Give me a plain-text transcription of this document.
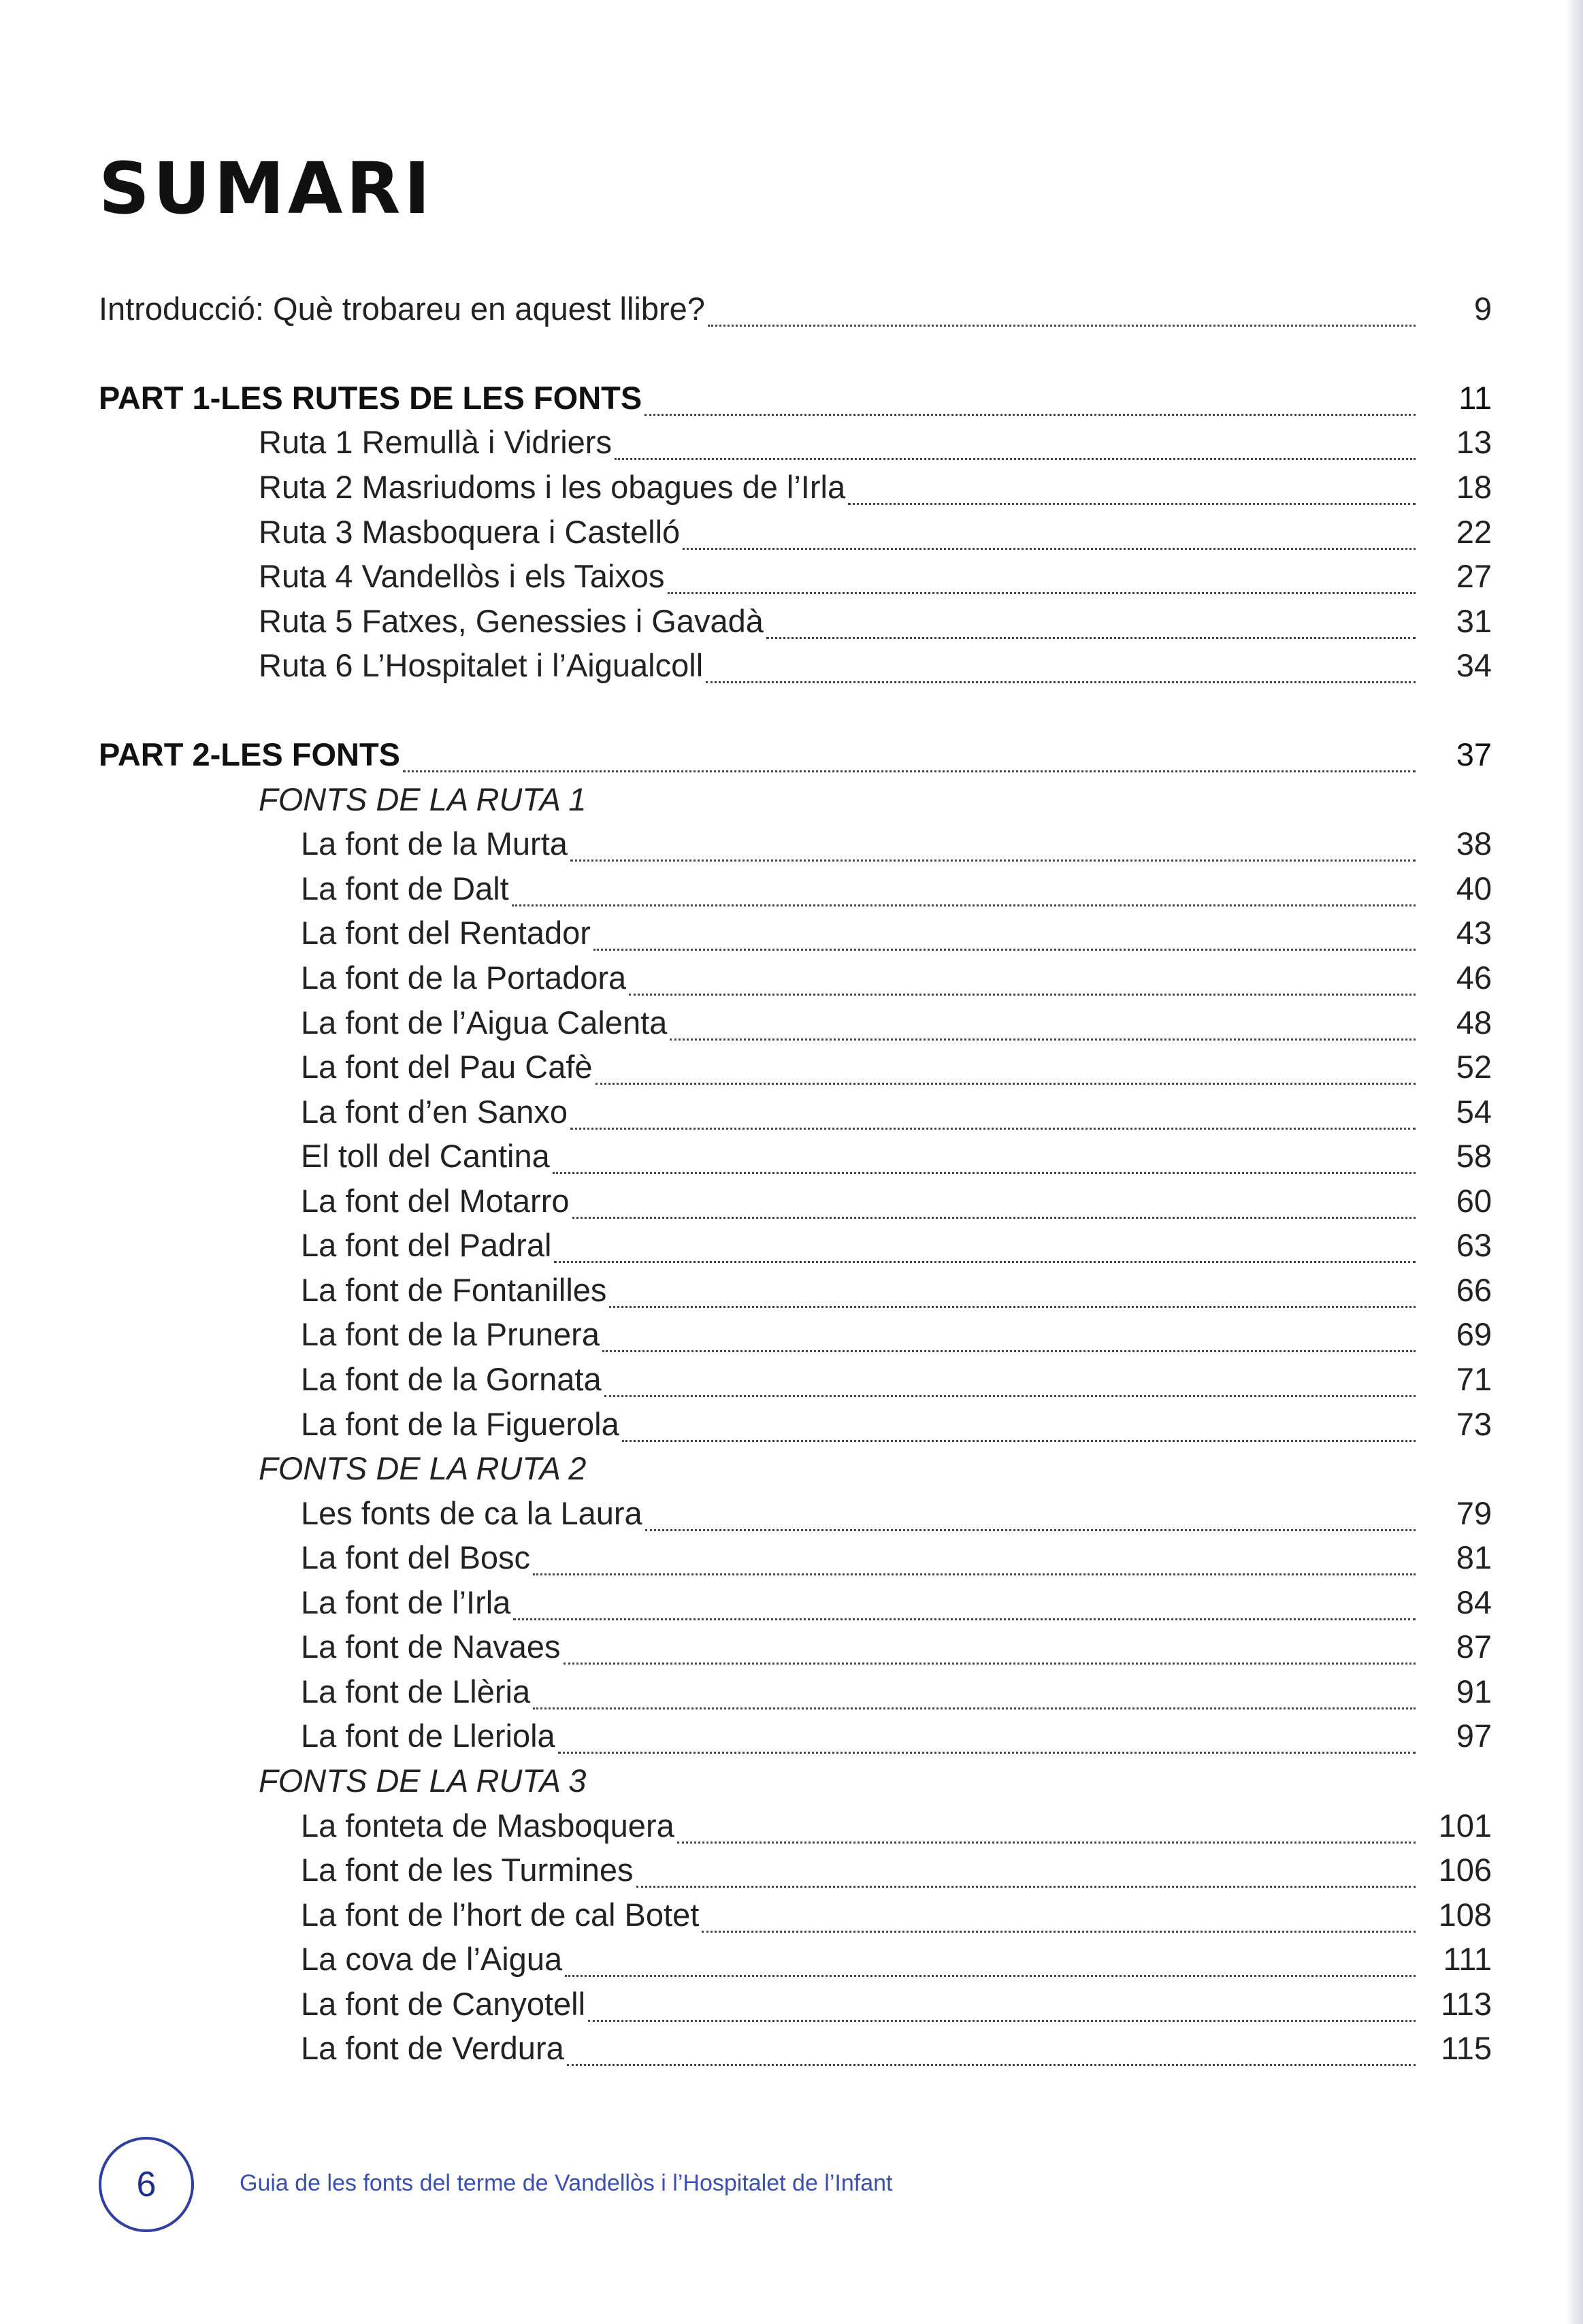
SUMARI
Introducció: Què trobareu en aquest llibre?	9
PART 1-LES RUTES DE LES FONTS	11
Ruta 1 Remullà i Vidriers	13
Ruta 2 Masriudoms i les obagues de l’Irla	18
Ruta 3 Masboquera i Castelló	22
Ruta 4 Vandellòs i els Taixos	27
Ruta 5 Fatxes, Genessies i Gavadà	31
Ruta 6 L’Hospitalet i l’Aigualcoll	34
PART 2-LES FONTS	37
FONTS DE LA RUTA 1
La font de la Murta	38
La font de Dalt	40
La font del Rentador	43
La font de la Portadora	46
La font de l’Aigua Calenta	48
La font del Pau Cafè	52
La font d’en Sanxo	54
El toll del Cantina	58
La font del Motarro	60
La font del Padral	63
La font de Fontanilles	66
La font de la Prunera	69
La font de la Gornata	71
La font de la Figuerola	73
FONTS DE LA RUTA 2
Les fonts de ca la Laura	79
La font del Bosc	81
La font de l’Irla	84
La font de Navaes	87
La font de Llèria	91
La font de Lleriola	97
FONTS DE LA RUTA 3
La fonteta de Masboquera	101
La font de les Turmines	106
La font de l’hort de cal Botet	108
La cova de l’Aigua	111
La font de Canyotell	113
La font de Verdura	115
6	Guia de les fonts del terme de Vandellòs i l’Hospitalet de l’Infant
